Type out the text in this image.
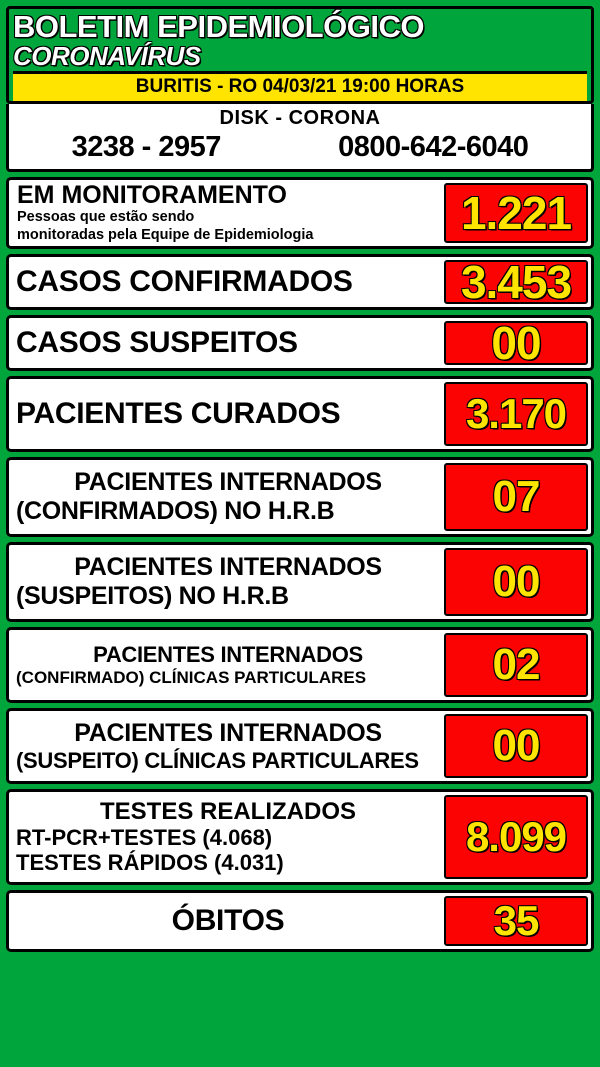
BOLETIM EPIDEMIOLÓGICO
CORONAVÍRUS
BURITIS - RO 04/03/21 19:00 HORAS
DISK - CORONA
3238 - 2957	0800-642-6040
EM MONITORAMENTO
Pessoas que estão sendo
monitoradas pela Equipe de Epidemiologia	1.221
CASOS CONFIRMADOS	3.453
CASOS SUSPEITOS	00
PACIENTES CURADOS	3.170
PACIENTES INTERNADOS
(CONFIRMADOS) NO H.R.B	07
PACIENTES INTERNADOS
(SUSPEITOS) NO H.R.B	00
PACIENTES INTERNADOS
(CONFIRMADO) CLÍNICAS PARTICULARES	02
PACIENTES INTERNADOS
(SUSPEITO) CLÍNICAS PARTICULARES	00
TESTES REALIZADOS
RT-PCR+TESTES (4.068)
TESTES RÁPIDOS (4.031)
8.099
ÓBITOS	35
